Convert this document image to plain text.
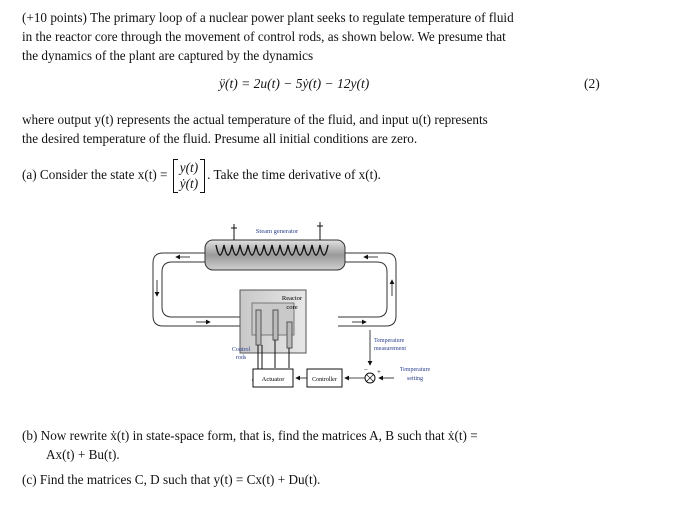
(+10 points) The primary loop of a nuclear power plant seeks to regulate temperature of fluid
in the reactor core through the movement of control rods, as shown below. We presume that
the dynamics of the plant are captured by the dynamics
ÿ(t) = 2u(t) − 5ẏ(t) − 12y(t)	(2)
where output y(t) represents the actual temperature of the fluid, and input u(t) represents
the desired temperature of the fluid. Presume all initial conditions are zero.
(a) Consider the state x(t) = y(t)
ẏ(t)
. Take the time derivative of x(t).
Steam generator
Reactor
core
Control
rods
Actuator	Controller
− +
Temperature
measurement
Temperature
setting
(b) Now rewrite ẋ(t) in state-space form, that is, find the matrices A, B such that ẋ(t) =
Ax(t) + Bu(t).
(c) Find the matrices C, D such that y(t) = Cx(t) + Du(t).
